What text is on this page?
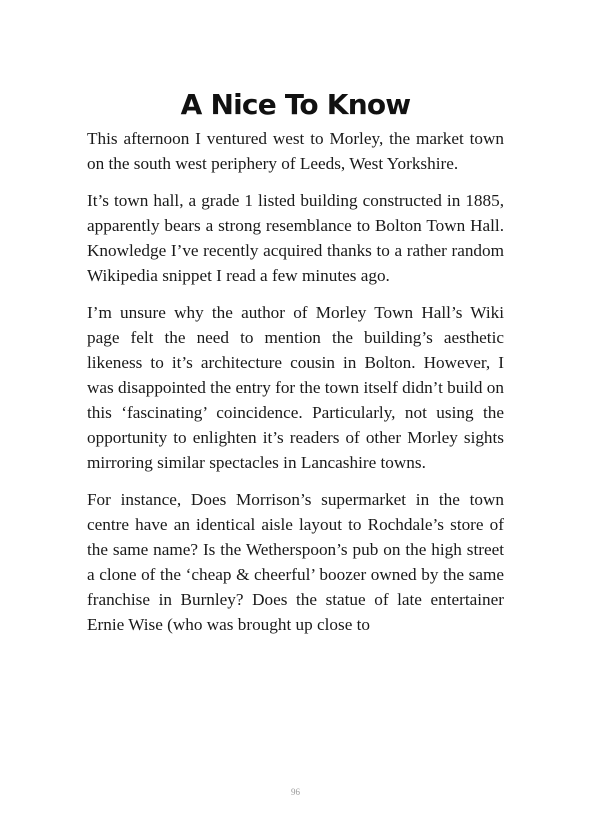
A Nice To Know

This afternoon I ventured west to Morley, the market town on the south west periphery of Leeds, West Yorkshire.

It’s town hall, a grade 1 listed building constructed in 1885, apparently bears a strong resemblance to Bolton Town Hall. Knowledge I’ve recently acquired thanks to a rather random Wikipedia snippet I read a few minutes ago.

I’m unsure why the author of Morley Town Hall’s Wiki page felt the need to mention the building’s aesthetic likeness to it’s architecture cousin in Bolton. However, I was disappointed the entry for the town itself didn’t build on this ‘fascinating’ coincidence. Particularly, not using the opportunity to enlighten it’s readers of other Morley sights mirroring similar spectacles in Lancashire towns.

For instance, Does Morrison’s supermarket in the town centre have an identical aisle layout to Rochdale’s store of the same name? Is the Wetherspoon’s pub on the high street a clone of the ‘cheap & cheerful’ boozer owned by the same franchise in Burnley? Does the statue of late entertainer Ernie Wise (who was brought up close to

96
